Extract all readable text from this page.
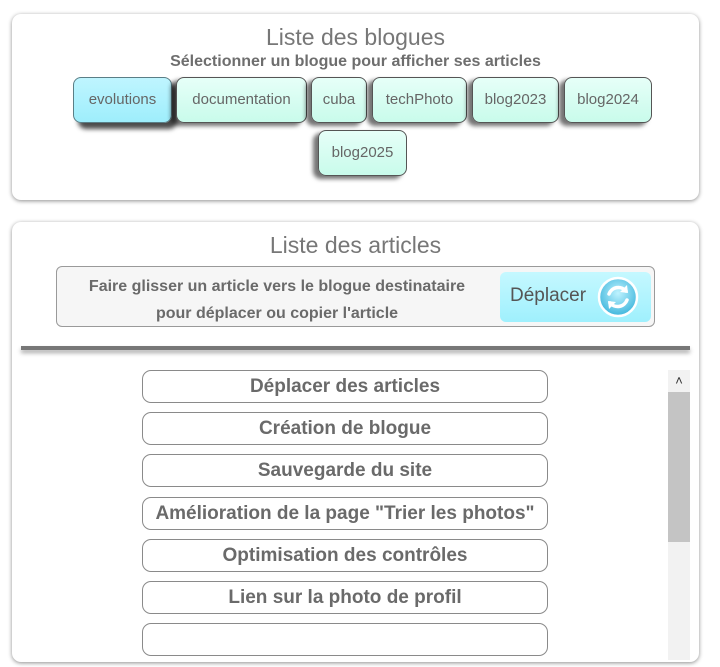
Liste des blogues
Sélectionner un blogue pour afficher ses articles
evolutions	documentation	cuba	techPhoto	blog2023	blog2024
blog2025
Liste des articles
Faire glisser un article vers le blogue destinataire
pour déplacer ou copier l'article
Déplacer
Déplacer des articles
Création de blogue
Sauvegarde du site
Amélioration de la page "Trier les photos"
Optimisation des contrôles
Lien sur la photo de profil
˄
